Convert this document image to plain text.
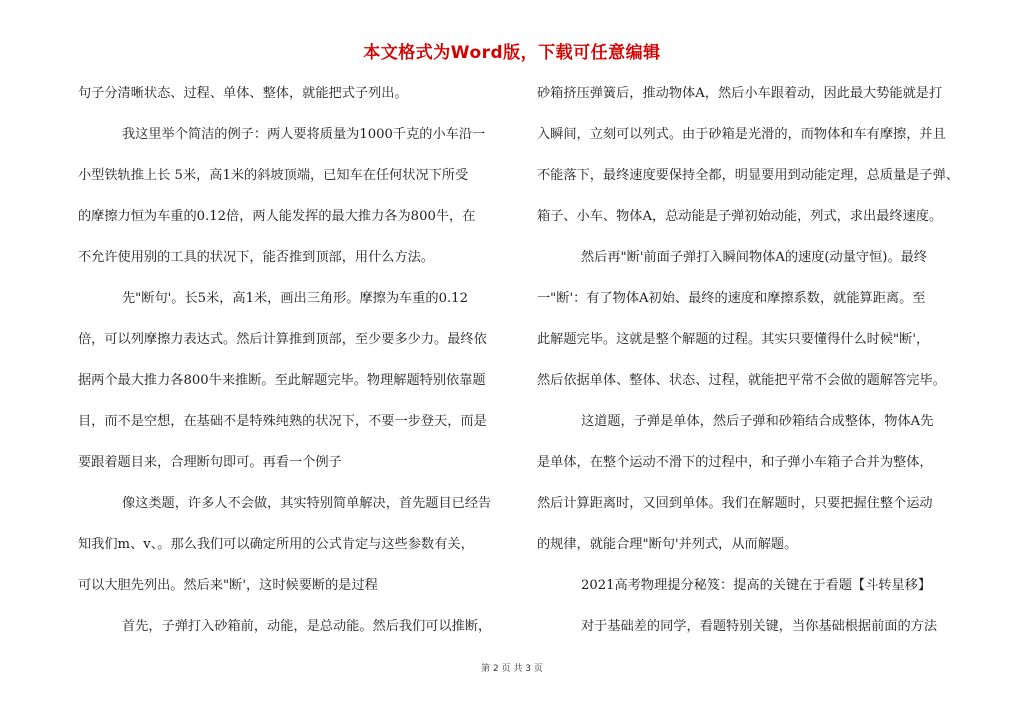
本文格式为Word版，下载可任意编辑
句子分清晰状态、过程、单体、整体，就能把式子列出。
我这里举个简洁的例子：两人要将质量为1000千克的小车沿一
小型铁轨推上长 5米，高1米的斜坡顶端，已知车在任何状况下所受
的摩擦力恒为车重的0.12倍，两人能发挥的最大推力各为800牛，在
不允许使用别的工具的状况下，能否推到顶部，用什么方法。
先"断句'。长5米，高1米，画出三角形。摩擦为车重的0.12
倍，可以列摩擦力表达式。然后计算推到顶部，至少要多少力。最终依
据两个最大推力各800牛来推断。至此解题完毕。物理解题特别依靠题
目，而不是空想，在基础不是特殊纯熟的状况下，不要一步登天，而是
要跟着题目来，合理断句即可。再看一个例子
像这类题，许多人不会做，其实特别简单解决，首先题目已经告
知我们m、v、。那么我们可以确定所用的公式肯定与这些参数有关，
可以大胆先列出。然后来"断'，这时候要断的是过程
首先，子弹打入砂箱前，动能，是总动能。然后我们可以推断，
砂箱挤压弹簧后，推动物体A，然后小车跟着动，因此最大势能就是打
入瞬间，立刻可以列式。由于砂箱是光滑的，而物体和车有摩擦，并且
不能落下，最终速度要保持全都，明显要用到动能定理，总质量是子弹、
箱子、小车、物体A，总动能是子弹初始动能，列式，求出最终速度。
然后再"断'前面子弹打入瞬间物体A的速度(动量守恒)。最终
一"断'：有了物体A初始、最终的速度和摩擦系数，就能算距离。至
此解题完毕。这就是整个解题的过程。其实只要懂得什么时候"断'，
然后依据单体、整体、状态、过程，就能把平常不会做的题解答完毕。
这道题，子弹是单体，然后子弹和砂箱结合成整体，物体A先
是单体，在整个运动不滑下的过程中，和子弹小车箱子合并为整体，
然后计算距离时，又回到单体。我们在解题时，只要把握住整个运动
的规律，就能合理"断句'并列式，从而解题。
2021高考物理提分秘笈：提高的关键在于看题【斗转星移】
对于基础差的同学，看题特别关键，当你基础根据前面的方法
第 2 页 共 3 页
